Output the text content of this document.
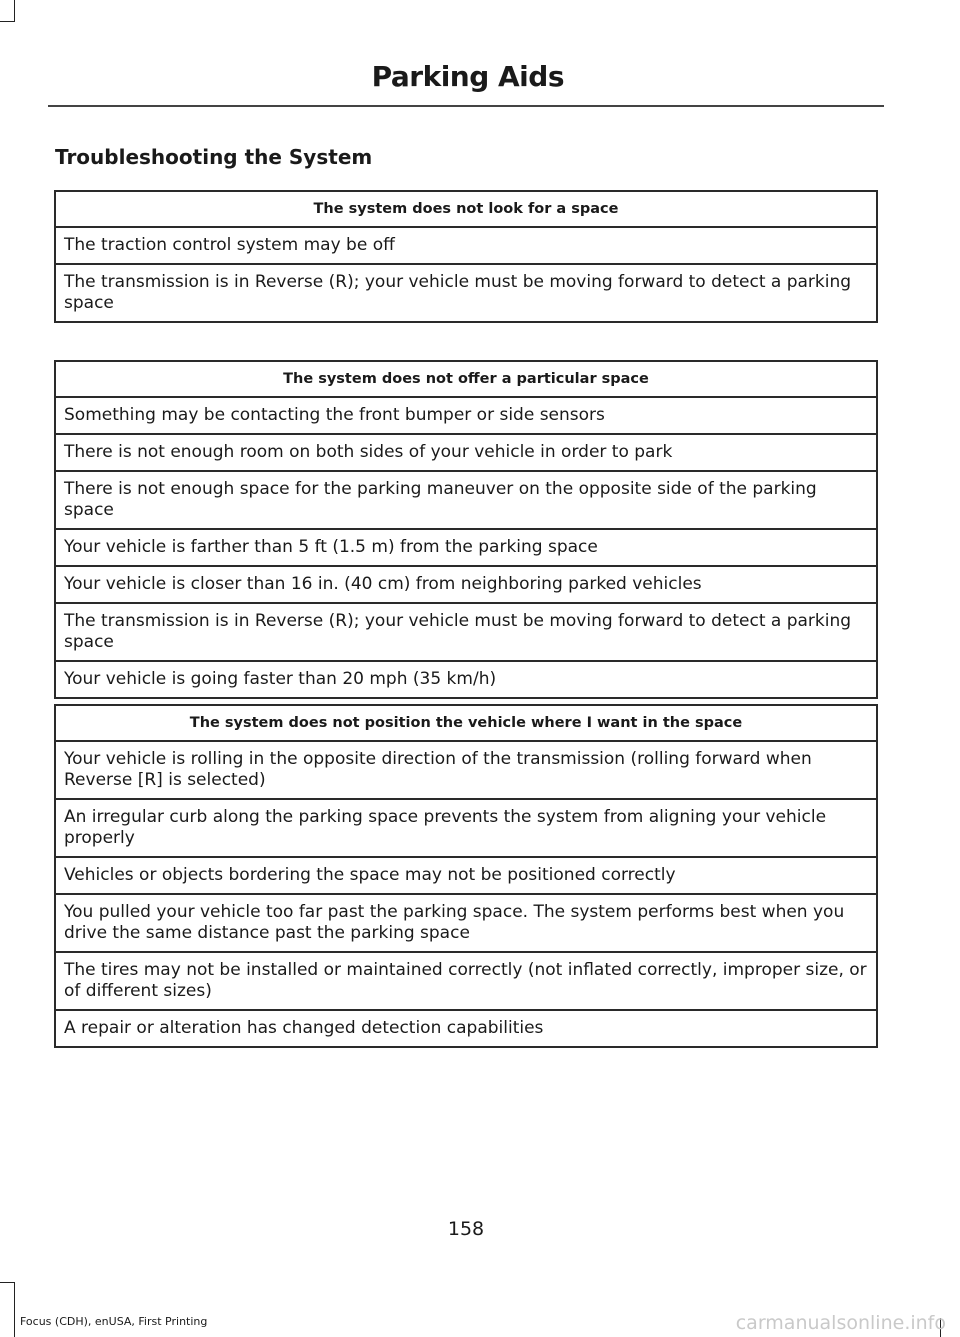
Parking Aids
Troubleshooting the System
The system does not look for a space
The traction control system may be off
The transmission is in Reverse (R); your vehicle must be moving forward to detect a parking space
The system does not offer a particular space
Something may be contacting the front bumper or side sensors
There is not enough room on both sides of your vehicle in order to park
There is not enough space for the parking maneuver on the opposite side of the parking space
Your vehicle is farther than 5 ft (1.5 m) from the parking space
Your vehicle is closer than 16 in. (40 cm) from neighboring parked vehicles
The transmission is in Reverse (R); your vehicle must be moving forward to detect a parking space
Your vehicle is going faster than 20 mph (35 km/h)
The system does not position the vehicle where I want in the space
Your vehicle is rolling in the opposite direction of the transmission (rolling forward when Reverse [R] is selected)
An irregular curb along the parking space prevents the system from aligning your vehicle properly
Vehicles or objects bordering the space may not be positioned correctly
You pulled your vehicle too far past the parking space. The system performs best when you drive the same distance past the parking space
The tires may not be installed or maintained correctly (not inflated correctly, improper size, or of different sizes)
A repair or alteration has changed detection capabilities
158
Focus (CDH), enUSA, First Printing	carmanualsonline.info
